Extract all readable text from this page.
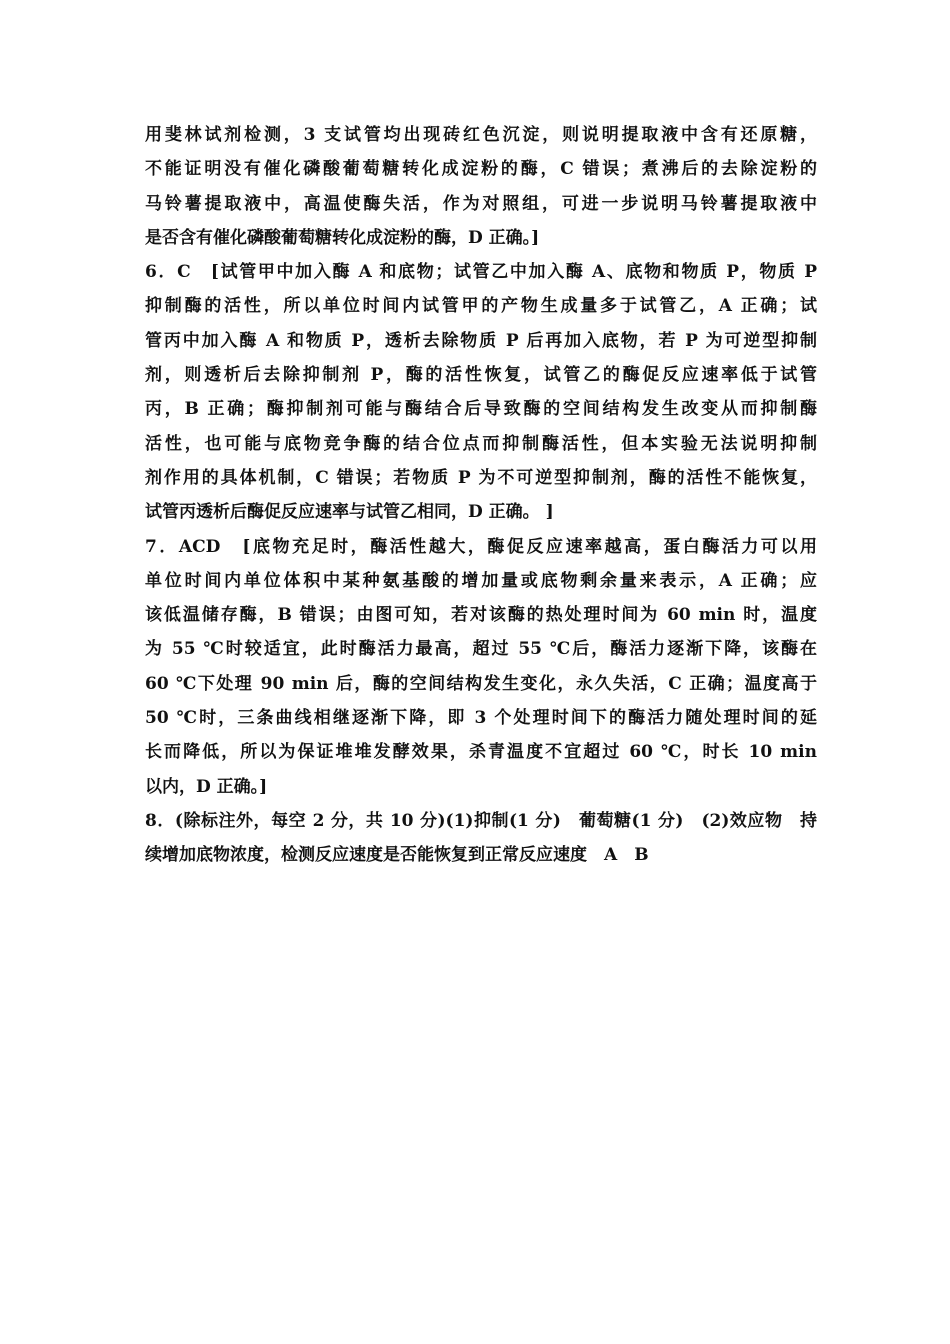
用斐林试剂检测，3 支试管均出现砖红色沉淀，则说明提取液中含有还原糖，
不能证明没有催化磷酸葡萄糖转化成淀粉的酶，C 错误；煮沸后的去除淀粉的
马铃薯提取液中，高温使酶失活，作为对照组，可进一步说明马铃薯提取液中
是否含有催化磷酸葡萄糖转化成淀粉的酶，D 正确。]
6．C　[试管甲中加入酶 A 和底物；试管乙中加入酶 A、底物和物质 P，物质 P
抑制酶的活性，所以单位时间内试管甲的产物生成量多于试管乙，A 正确；试
管丙中加入酶 A 和物质 P，透析去除物质 P 后再加入底物，若 P 为可逆型抑制
剂，则透析后去除抑制剂 P，酶的活性恢复，试管乙的酶促反应速率低于试管
丙，B 正确；酶抑制剂可能与酶结合后导致酶的空间结构发生改变从而抑制酶
活性，也可能与底物竞争酶的结合位点而抑制酶活性，但本实验无法说明抑制
剂作用的具体机制，C 错误；若物质 P 为不可逆型抑制剂，酶的活性不能恢复，
试管丙透析后酶促反应速率与试管乙相同，D 正确。 ]
7．ACD　[底物充足时，酶活性越大，酶促反应速率越高，蛋白酶活力可以用
单位时间内单位体积中某种氨基酸的增加量或底物剩余量来表示，A 正确；应
该低温储存酶，B 错误；由图可知，若对该酶的热处理时间为 60 min 时，温度
为 55 ℃时较适宜，此时酶活力最高，超过 55 ℃后，酶活力逐渐下降，该酶在
60 ℃下处理 90 min 后，酶的空间结构发生变化，永久失活，C 正确；温度高于
50 ℃时，三条曲线相继逐渐下降，即 3 个处理时间下的酶活力随处理时间的延
长而降低，所以为保证堆堆发酵效果，杀青温度不宜超过 60 ℃，时长 10 min
以内，D 正确。]
8．(除标注外，每空 2 分，共 10 分)(1)抑制(1 分)　葡萄糖(1 分)　(2)效应物　持
续增加底物浓度，检测反应速度是否能恢复到正常反应速度　A　B
